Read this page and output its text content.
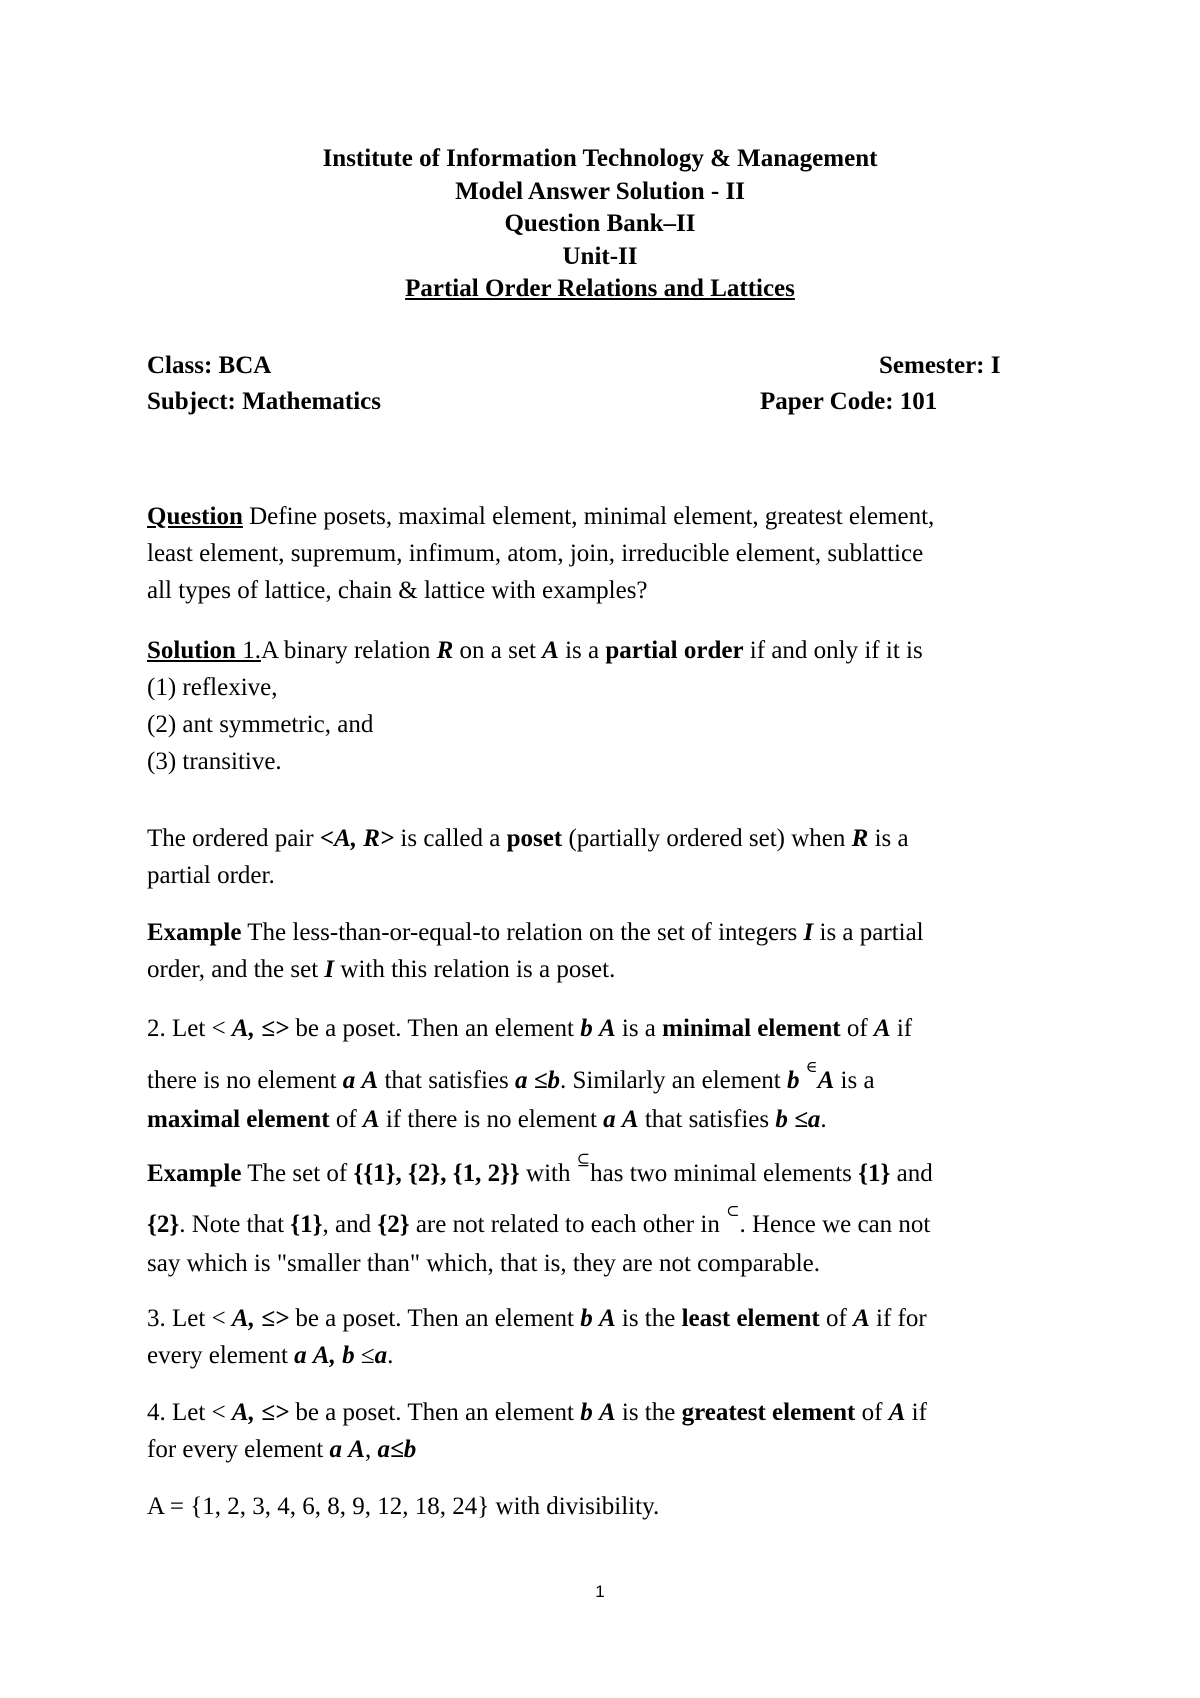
Institute of Information Technology & Management
Model Answer Solution - II
Question Bank–II
Unit-II
Partial Order Relations and Lattices
Class: BCA	Semester: I
Subject: Mathematics	Paper Code: 101
Question Define posets, maximal element, minimal element, greatest element,
least element, supremum, infimum, atom, join, irreducible element, sublattice
all types of lattice, chain & lattice with examples?
Solution 1.A binary relation R on a set A is a partial order if and only if it is
(1) reflexive,
(2) ant symmetric, and
(3) transitive.
The ordered pair <A, R> is called a poset (partially ordered set) when R is a
partial order.
Example The less-than-or-equal-to relation on the set of integers I is a partial
order, and the set I with this relation is a poset.
2. Let < A, ≤> be a poset. Then an element b A is a minimal element of A if
there is no element a A that satisfies a ≤b. Similarly an element b ∈A is a
maximal element of A if there is no element a A that satisfies b ≤a.
Example The set of {{1}, {2}, {1, 2}} with ⊆has two minimal elements {1} and
{2}. Note that {1}, and {2} are not related to each other in ⊂. Hence we can not
say which is "smaller than" which, that is, they are not comparable.
3. Let < A, ≤> be a poset. Then an element b A is the least element of A if for
every element a A, b ≤a.
4. Let < A, ≤> be a poset. Then an element b A is the greatest element of A if
for every element a A, a≤b
A = {1, 2, 3, 4, 6, 8, 9, 12, 18, 24} with divisibility.
1
